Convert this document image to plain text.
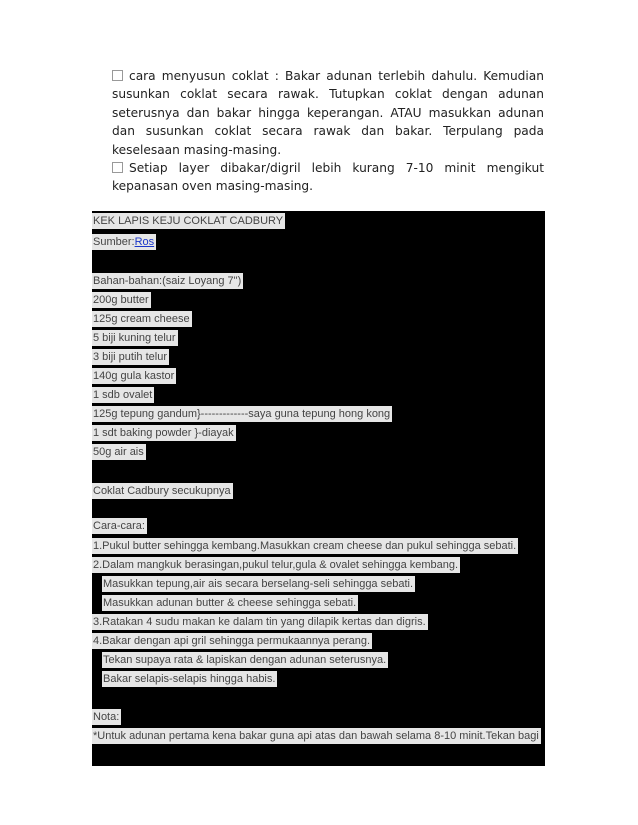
cara menyusun coklat : Bakar adunan terlebih dahulu. Kemudian susunkan coklat secara rawak. Tutupkan coklat dengan adunan seterusnya dan bakar hingga keperangan. ATAU masukkan adunan dan susunkan coklat secara rawak dan bakar. Terpulang pada keselesaan masing-masing.

Setiap layer dibakar/digril lebih kurang 7-10 minit mengikut kepanasan oven masing-masing.

KEK LAPIS KEJU COKLAT CADBURY
Sumber:Ros
Bahan-bahan:(saiz Loyang 7")
200g butter
125g cream cheese
5 biji kuning telur
3 biji putih telur
140g gula kastor
1 sdb ovalet
125g tepung gandum}-------------saya guna tepung hong kong
1 sdt baking powder }-diayak
50g air ais
Coklat Cadbury secukupnya
Cara-cara:
1.Pukul butter sehingga kembang.Masukkan cream cheese dan pukul sehingga sebati.
2.Dalam mangkuk berasingan,pukul telur,gula & ovalet sehingga kembang.
Masukkan tepung,air ais secara berselang-seli sehingga sebati.
Masukkan adunan butter & cheese sehingga sebati.
3.Ratakan 4 sudu makan ke dalam tin yang dilapik kertas dan digris.
4.Bakar dengan api gril sehingga permukaannya perang.
Tekan supaya rata & lapiskan dengan adunan seterusnya.
Bakar selapis-selapis hingga habis.
Nota:
*Untuk adunan pertama kena bakar guna api atas dan bawah selama 8-10 minit.Tekan bagi
